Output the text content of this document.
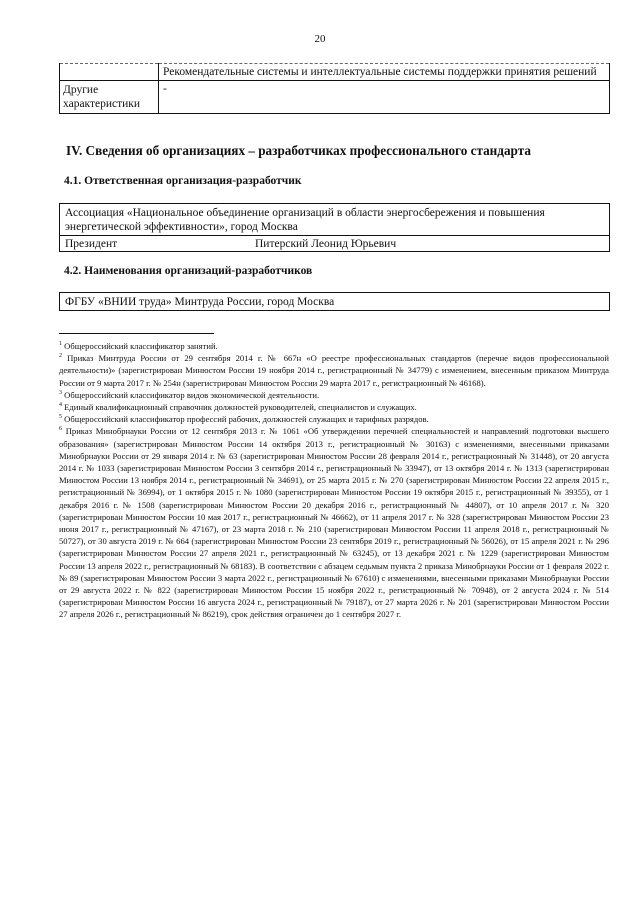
20
	Рекомендательные системы и интеллектуальные системы поддержки принятия решений
Другие характеристики	-
IV. Сведения об организациях – разработчиках профессионального стандарта
4.1. Ответственная организация-разработчик
Ассоциация «Национальное объединение организаций в области энергосбережения и повышения энергетической эффективности», город Москва
Президент	Питерский Леонид Юрьевич
4.2. Наименования организаций-разработчиков
ФГБУ «ВНИИ труда» Минтруда России, город Москва

$^1$ Общероссийский классификатор занятий.

$^2$ Приказ Минтруда России от 29 сентября 2014 г. № 667н «О реестре профессиональных стандартов (перечне видов профессиональной деятельности)» (зарегистрирован Минюстом России 19 ноября 2014 г., регистрационный № 34779) с изменением, внесенным приказом Минтруда России от 9 марта 2017 г. № 254н (зарегистрирован Минюстом России 29 марта 2017 г., регистрационный № 46168).

$^3$ Общероссийский классификатор видов экономической деятельности.

$^4$ Единый квалификационный справочник должностей руководителей, специалистов и служащих.

$^5$ Общероссийский классификатор профессий рабочих, должностей служащих и тарифных разрядов.

$^6$ Приказ Минобрнауки России от 12 сентября 2013 г. № 1061 «Об утверждении перечней специальностей и направлений подготовки высшего образования» (зарегистрирован Минюстом России 14 октября 2013 г., регистрационный № 30163) с изменениями, внесенными приказами Минобрнауки России от 29 января 2014 г. № 63 (зарегистрирован Минюстом России 28 февраля 2014 г., регистрационный № 31448), от 20 августа 2014 г. № 1033 (зарегистрирован Минюстом России 3 сентября 2014 г., регистрационный № 33947), от 13 октября 2014 г. № 1313 (зарегистрирован Минюстом России 13 ноября 2014 г., регистрационный № 34691), от 25 марта 2015 г. № 270 (зарегистрирован Минюстом России 22 апреля 2015 г., регистрационный № 36994), от 1 октября 2015 г. № 1080 (зарегистрирован Минюстом России 19 октября 2015 г., регистрационный № 39355), от 1 декабря 2016 г. № 1508 (зарегистрирован Минюстом России 20 декабря 2016 г., регистрационный № 44807), от 10 апреля 2017 г. № 320 (зарегистрирован Минюстом России 10 мая 2017 г., регистрационный № 46662), от 11 апреля 2017 г. № 328 (зарегистрирован Минюстом России 23 июня 2017 г., регистрационный № 47167), от 23 марта 2018 г. № 210 (зарегистрирован Минюстом России 11 апреля 2018 г., регистрационный № 50727), от 30 августа 2019 г. № 664 (зарегистрирован Минюстом России 23 сентября 2019 г., регистрационный № 56026), от 15 апреля 2021 г. № 296 (зарегистрирован Минюстом России 27 апреля 2021 г., регистрационный № 63245), от 13 декабря 2021 г. № 1229 (зарегистрирован Минюстом России 13 апреля 2022 г., регистрационный № 68183). В соответствии с абзацем седьмым пункта 2 приказа Минобрнауки России от 1 февраля 2022 г. № 89 (зарегистрирован Минюстом России 3 марта 2022 г., регистрационный № 67610) с изменениями, внесенными приказами Минобрнауки России от 29 августа 2022 г. № 822 (зарегистрирован Минюстом России 15 ноября 2022 г., регистрационный № 70948), от 2 августа 2024 г. № 514 (зарегистрирован Минюстом России 16 августа 2024 г., регистрационный № 79187), от 27 марта 2026 г. № 201 (зарегистрирован Минюстом России 27 апреля 2026 г., регистрационный № 86219), срок действия ограничен до 1 сентября 2027 г.
